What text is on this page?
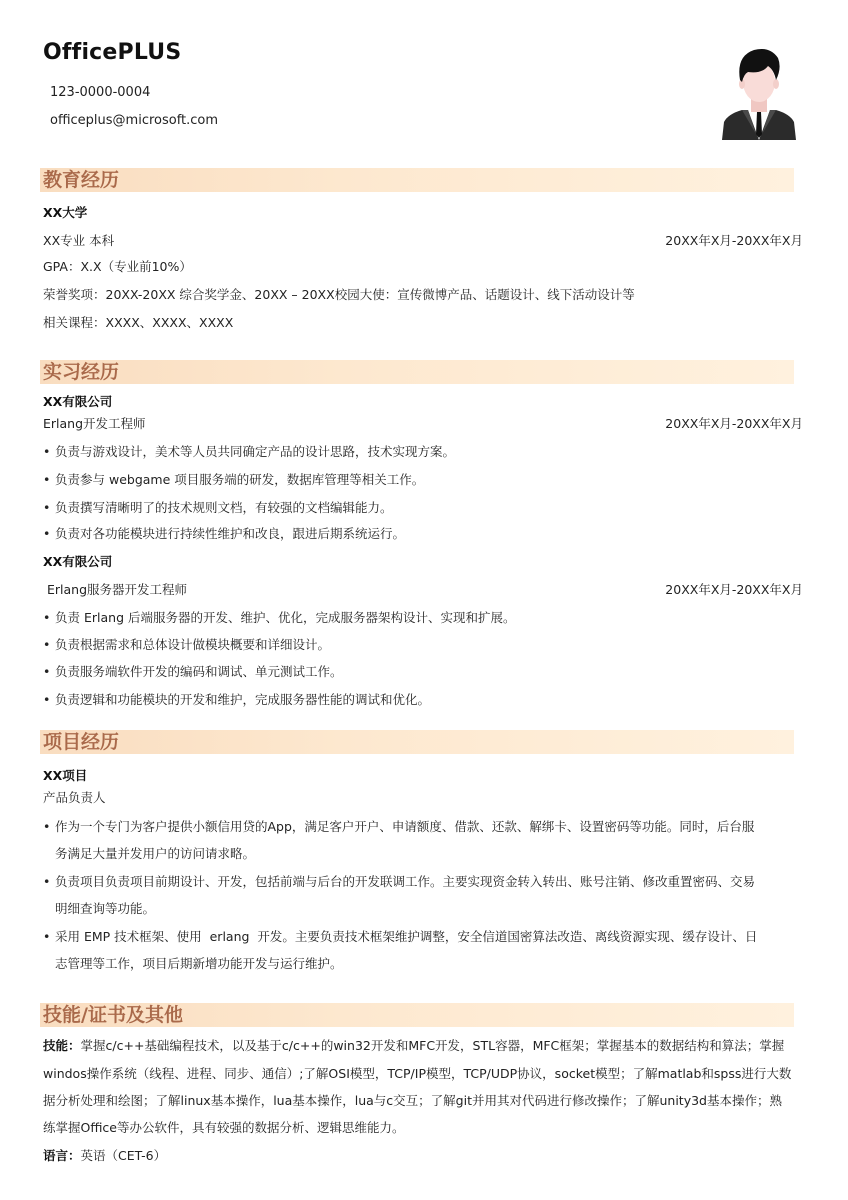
OfficePLUS
123-0000-0004
officeplus@microsoft.com
教育经历
XX大学
XX专业 本科	20XX年X月-20XX年X月
GPA：X.X（专业前10%）
荣誉奖项：20XX-20XX 综合奖学金、20XX – 20XX校园大使：宣传微博产品、话题设计、线下活动设计等
相关课程：XXXX、XXXX、XXXX
实习经历
XX有限公司
Erlang开发工程师	20XX年X月-20XX年X月
• 负责与游戏设计，美术等人员共同确定产品的设计思路，技术实现方案。
• 负责参与 webgame 项目服务端的研发，数据库管理等相关工作。
• 负责撰写清晰明了的技术规则文档，有较强的文档编辑能力。
• 负责对各功能模块进行持续性维护和改良，跟进后期系统运行。
XX有限公司
Erlang服务器开发工程师	20XX年X月-20XX年X月
• 负责 Erlang 后端服务器的开发、维护、优化，完成服务器架构设计、实现和扩展。
• 负责根据需求和总体设计做模块概要和详细设计。
• 负责服务端软件开发的编码和调试、单元测试工作。
• 负责逻辑和功能模块的开发和维护，完成服务器性能的调试和优化。
项目经历
XX项目
产品负责人
• 作为一个专门为客户提供小额信用贷的App，满足客户开户、申请额度、借款、还款、解绑卡、设置密码等功能。同时，后台服
务满足大量并发用户的访问请求略。
• 负责项目负责项目前期设计、开发，包括前端与后台的开发联调工作。主要实现资金转入转出、账号注销、修改重置密码、交易
明细查询等功能。
• 采用 EMP 技术框架、使用  erlang  开发。主要负责技术框架维护调整，安全信道国密算法改造、离线资源实现、缓存设计、日
志管理等工作，项目后期新增功能开发与运行维护。
技能/证书及其他
技能：掌握c/c++基础编程技术，以及基于c/c++的win32开发和MFC开发，STL容器，MFC框架；掌握基本的数据结构和算法；掌握
windos操作系统（线程、进程、同步、通信）;了解OSI模型，TCP/IP模型，TCP/UDP协议，socket模型；了解matlab和spss进行大数
据分析处理和绘图；了解linux基本操作，lua基本操作，lua与c交互；了解git并用其对代码进行修改操作；了解unity3d基本操作；熟
练掌握Office等办公软件，具有较强的数据分析、逻辑思维能力。
语言：英语（CET-6）
